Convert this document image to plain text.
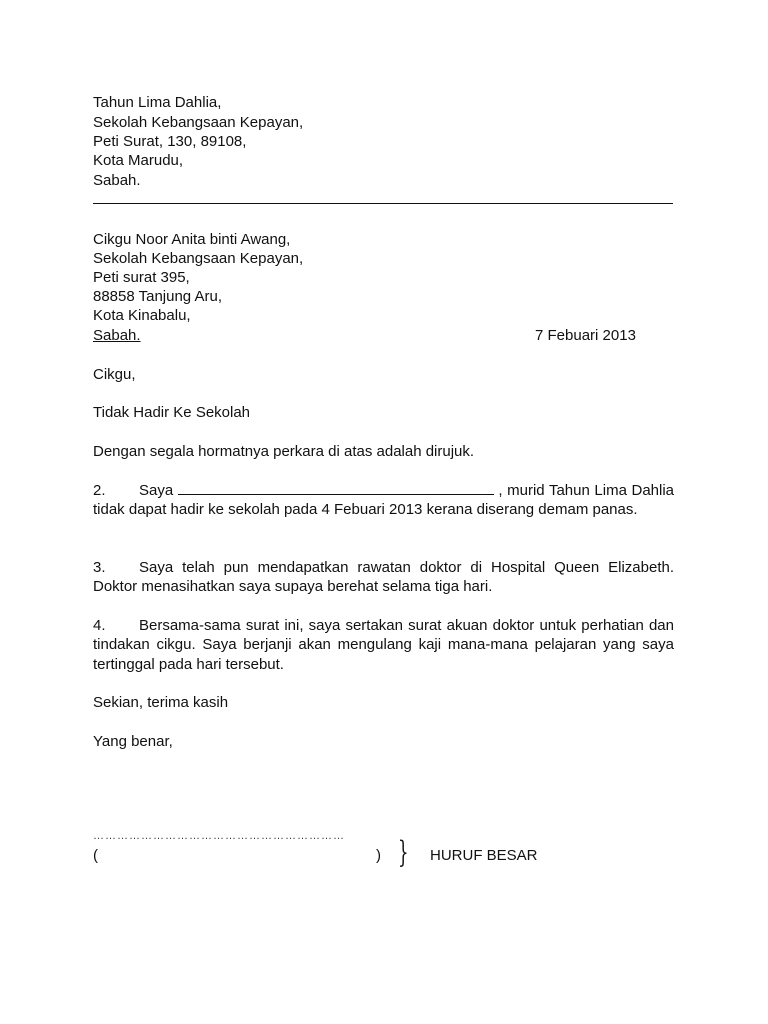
Tahun Lima Dahlia,
Sekolah Kebangsaan Kepayan,
Peti Surat, 130, 89108,
Kota Marudu,
Sabah.
Cikgu Noor Anita binti Awang,
Sekolah Kebangsaan Kepayan,
Peti surat 395,
88858 Tanjung Aru,
Kota Kinabalu,
Sabah.	7 Febuari 2013
Cikgu,
Tidak Hadir Ke Sekolah
Dengan segala hormatnya perkara di atas adalah dirujuk.
2. Saya	, murid Tahun Lima Dahlia tidak dapat hadir ke sekolah pada 4 Febuari 2013 kerana diserang demam panas.
3. Saya telah pun mendapatkan rawatan doktor di Hospital Queen Elizabeth. Doktor menasihatkan saya supaya berehat selama tiga hari.
4. Bersama-sama surat ini, saya sertakan surat akuan doktor untuk perhatian dan tindakan cikgu. Saya berjanji akan mengulang kaji mana-mana pelajaran yang saya tertinggal pada hari tersebut.
Sekian, terima kasih
Yang benar,
………………………………………………………
(	) } HURUF BESAR
